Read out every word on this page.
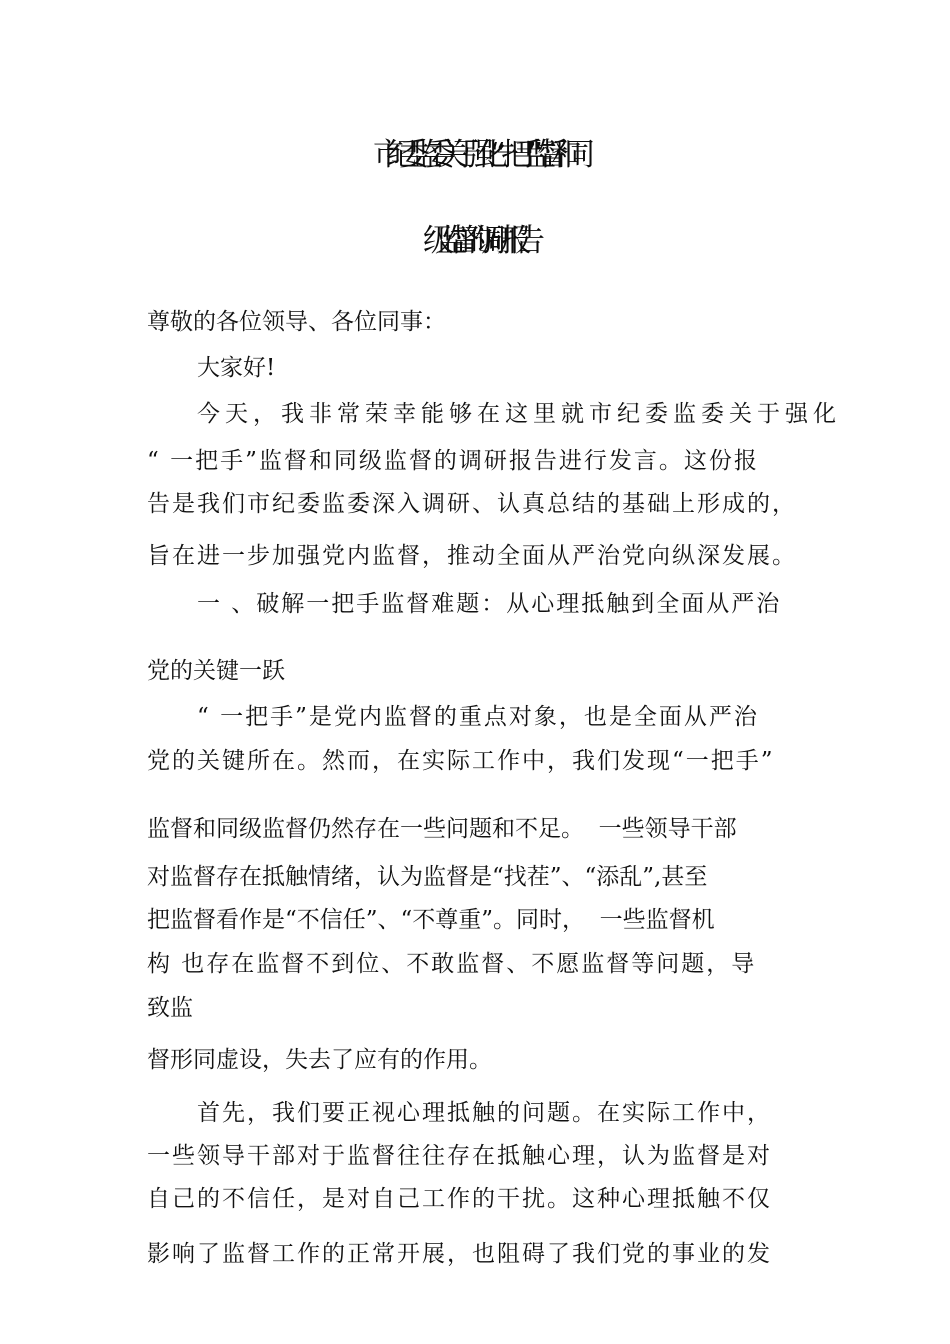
市纪委监委关于强化“一把手”监督和同
级监督的调研报告

尊敬的各位领导、各位同事：

大家好!

今天，我非常荣幸能够在这里就市纪委监委关于强化

“ 一把手”监督和同级监督的调研报告进行发言。这份报

告是我们市纪委监委深入调研、认真总结的基础上形成的，

旨在进一步加强党内监督，推动全面从严治党向纵深发展。

一 、破解一把手监督难题：从心理抵触到全面从严治

党的关键一跃

“ 一把手”是党内监督的重点对象，也是全面从严治

党的关键所在。然而，在实际工作中，我们发现“一把手”

监督和同级监督仍然存在一些问题和不足。  一些领导干部

对监督存在抵触情绪，认为监督是“找茬”、“添乱”,甚至

把监督看作是“不信任”、“不尊重”。同时，  一些监督机

构 也存在监督不到位、不敢监督、不愿监督等问题，导

致监

督形同虚设，失去了应有的作用。

首先，我们要正视心理抵触的问题。在实际工作中，

一些领导干部对于监督往往存在抵触心理，认为监督是对

自己的不信任，是对自己工作的干扰。这种心理抵触不仅

影响了监督工作的正常开展，也阻碍了我们党的事业的发
